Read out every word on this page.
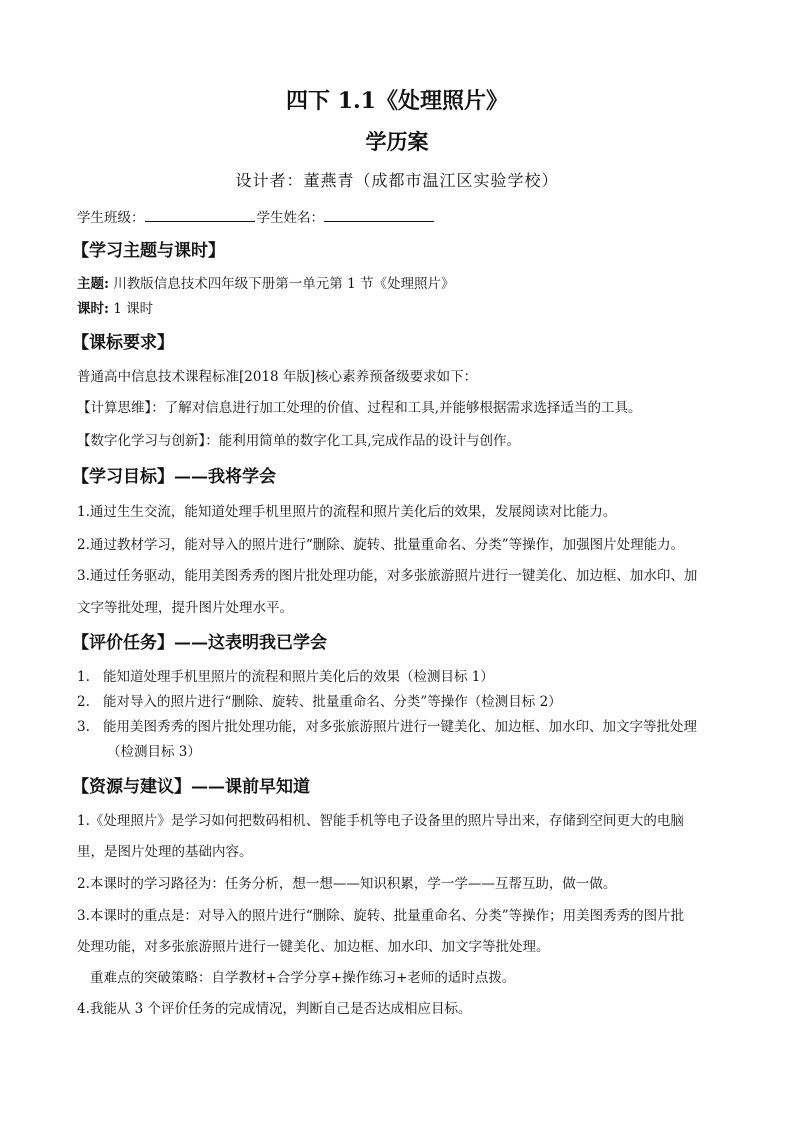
四下 1.1《处理照片》
学历案
设计者：董燕青（成都市温江区实验学校）
学生班级：	学生姓名：
【学习主题与课时】
主题: 川教版信息技术四年级下册第一单元第 1 节《处理照片》
课时: 1 课时
【课标要求】
普通高中信息技术课程标准[2018 年版]核心素养预备级要求如下：
【计算思维】：了解对信息进行加工处理的价值、过程和工具,并能够根据需求选择适当的工具。
【数字化学习与创新】：能利用简单的数字化工具,完成作品的设计与创作。
【学习目标】——我将学会
1.通过生生交流，能知道处理手机里照片的流程和照片美化后的效果，发展阅读对比能力。
2.通过教材学习，能对导入的照片进行“删除、旋转、批量重命名、分类”等操作，加强图片处理能力。
3.通过任务驱动，能用美图秀秀的图片批处理功能，对多张旅游照片进行一键美化、加边框、加水印、加
文字等批处理，提升图片处理水平。
【评价任务】——这表明我已学会
1. 能知道处理手机里照片的流程和照片美化后的效果（检测目标 1）
2. 能对导入的照片进行“删除、旋转、批量重命名、分类”等操作（检测目标 2）
3. 能用美图秀秀的图片批处理功能，对多张旅游照片进行一键美化、加边框、加水印、加文字等批处理
（检测目标 3）
【资源与建议】——课前早知道
1.《处理照片》是学习如何把数码相机、智能手机等电子设备里的照片导出来，存储到空间更大的电脑
里，是图片处理的基础内容。
2.本课时的学习路径为：任务分析，想一想——知识积累，学一学——互帮互助，做一做。
3.本课时的重点是：对导入的照片进行“删除、旋转、批量重命名、分类”等操作；用美图秀秀的图片批
处理功能，对多张旅游照片进行一键美化、加边框、加水印、加文字等批处理。
重难点的突破策略：自学教材+合学分享+操作练习+老师的适时点拨。
4.我能从 3 个评价任务的完成情况，判断自己是否达成相应目标。
